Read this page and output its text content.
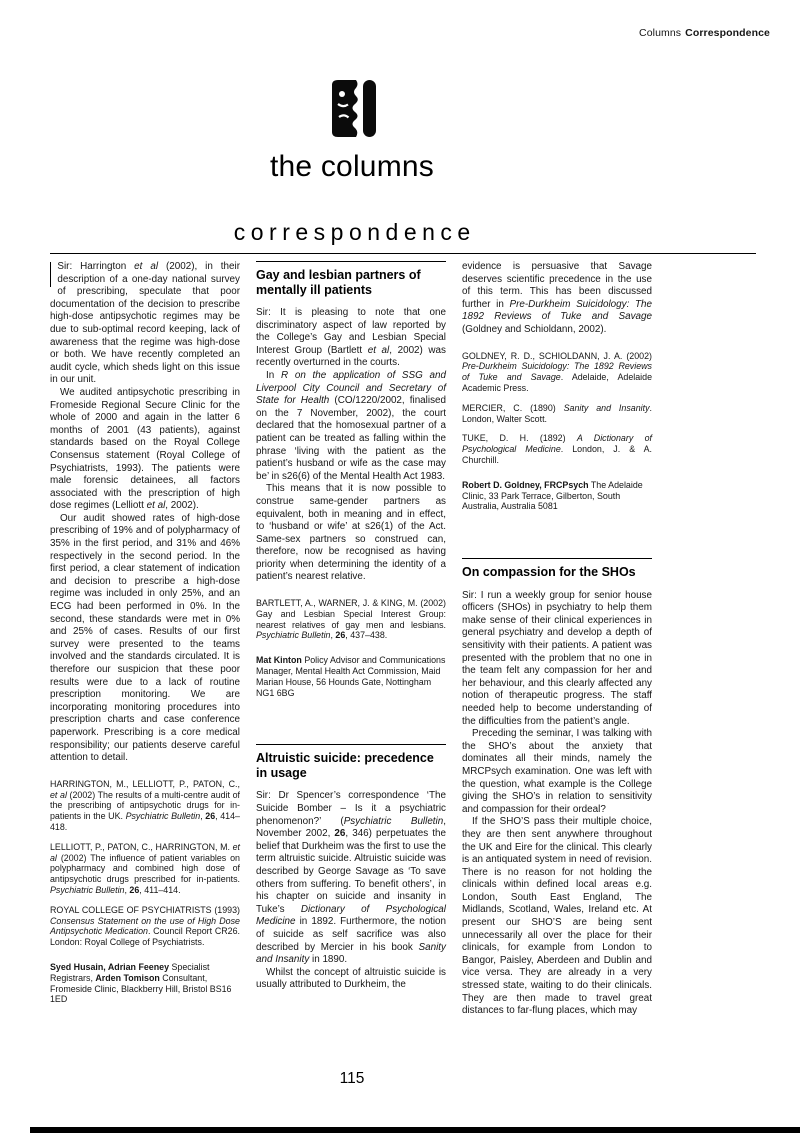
Columns Correspondence
the columns
correspondence
Sir: Harrington et al (2002), in their description of a one-day national survey of prescribing, speculate that poor documentation of the decision to prescribe high-dose antipsychotic regimes may be due to sub-optimal record keeping, lack of awareness that the regime was high-dose or both. We have recently completed an audit cycle, which sheds light on this issue in our unit.
We audited antipsychotic prescribing in Fromeside Regional Secure Clinic for the whole of 2000 and again in the latter 6 months of 2001 (43 patients), against standards based on the Royal College Consensus statement (Royal College of Psychiatrists, 1993). The patients were male forensic detainees, all factors associated with the prescription of high dose regimes (Lelliott et al, 2002).
Our audit showed rates of high-dose prescribing of 19% and of polypharmacy of 35% in the first period, and 31% and 46% respectively in the second period. In the first period, a clear statement of indication and decision to prescribe a high-dose regime was included in only 25%, and an ECG had been performed in 0%. In the second, these standards were met in 0% and 25% of cases. Results of our first survey were presented to the teams involved and the standards circulated. It is therefore our suspicion that these poor results were due to a lack of routine prescription monitoring. We are incorporating monitoring procedures into prescription charts and case conference paperwork. Prescribing is a core medical responsibility; our patients deserve careful attention to detail.
HARRINGTON, M., LELLIOTT, P., PATON, C., et al (2002) The results of a multi-centre audit of the prescribing of antipsychotic drugs for in-patients in the UK. Psychiatric Bulletin, 26, 414–418.
LELLIOTT, P., PATON, C., HARRINGTON, M. et al (2002) The influence of patient variables on polypharmacy and combined high dose of antipsychotic drugs prescribed for in-patients. Psychiatric Bulletin, 26, 411–414.
ROYAL COLLEGE OF PSYCHIATRISTS (1993) Consensus Statement on the use of High Dose Antipsychotic Medication. Council Report CR26. London: Royal College of Psychiatrists.
Syed Husain, Adrian Feeney Specialist Registrars, Arden Tomison Consultant, Fromeside Clinic, Blackberry Hill, Bristol BS16 1ED
Gay and lesbian partners of mentally ill patients
Sir: It is pleasing to note that one discriminatory aspect of law reported by the College’s Gay and Lesbian Special Interest Group (Bartlett et al, 2002) was recently overturned in the courts.
In R on the application of SSG and Liverpool City Council and Secretary of State for Health (CO/1220/2002, finalised on the 7 November, 2002), the court declared that the homosexual partner of a patient can be treated as falling within the phrase ‘living with the patient as the patient’s husband or wife as the case may be’ in s26(6) of the Mental Health Act 1983.
This means that it is now possible to construe same-gender partners as equivalent, both in meaning and in effect, to ‘husband or wife’ at s26(1) of the Act. Same-sex partners so construed can, therefore, now be recognised as having priority when determining the identity of a patient’s nearest relative.
BARTLETT, A., WARNER, J. & KING, M. (2002) Gay and Lesbian Special Interest Group: nearest relatives of gay men and lesbians. Psychiatric Bulletin, 26, 437–438.
Mat Kinton Policy Advisor and Communications Manager, Mental Health Act Commission, Maid Marian House, 56 Hounds Gate, Nottingham NG1 6BG
Altruistic suicide: precedence in usage
Sir: Dr Spencer’s correspondence ‘The Suicide Bomber – Is it a psychiatric phenomenon?’ (Psychiatric Bulletin, November 2002, 26, 346) perpetuates the belief that Durkheim was the first to use the term altruistic suicide. Altruistic suicide was described by George Savage as ‘To save others from suffering. To benefit others’, in his chapter on suicide and insanity in Tuke’s Dictionary of Psychological Medicine in 1892. Furthermore, the notion of suicide as self sacrifice was also described by Mercier in his book Sanity and Insanity in 1890.
Whilst the concept of altruistic suicide is usually attributed to Durkheim, the
evidence is persuasive that Savage deserves scientific precedence in the use of this term. This has been discussed further in Pre-Durkheim Suicidology: The 1892 Reviews of Tuke and Savage (Goldney and Schioldann, 2002).
GOLDNEY, R. D., SCHIOLDANN, J. A. (2002) Pre-Durkheim Suicidology: The 1892 Reviews of Tuke and Savage. Adelaide, Adelaide Academic Press.
MERCIER, C. (1890) Sanity and Insanity. London, Walter Scott.
TUKE, D. H. (1892) A Dictionary of Psychological Medicine. London, J. & A. Churchill.
Robert D. Goldney, FRCPsych The Adelaide Clinic, 33 Park Terrace, Gilberton, South Australia, Australia 5081
On compassion for the SHOs
Sir: I run a weekly group for senior house officers (SHOs) in psychiatry to help them make sense of their clinical experiences in general psychiatry and develop a depth of sensitivity with their patients. A patient was presented with the problem that no one in the team felt any compassion for her and her behaviour, and this clearly affected any notion of therapeutic progress. The staff needed help to become understanding of the difficulties from the patient’s angle.
Preceding the seminar, I was talking with the SHO’s about the anxiety that dominates all their minds, namely the MRCPsych examination. One was left with the question, what example is the College giving the SHO’s in relation to sensitivity and compassion for their ordeal?
If the SHO’S pass their multiple choice, they are then sent anywhere throughout the UK and Eire for the clinical. This clearly is an antiquated system in need of revision. There is no reason for not holding the clinicals within defined local areas e.g. London, South East England, The Midlands, Scotland, Wales, Ireland etc. At present our SHO’S are being sent unnecessarily all over the place for their clinicals, for example from London to Bangor, Paisley, Aberdeen and Dublin and vice versa. They are already in a very stressed state, waiting to do their clinicals. They are then made to travel great distances to far-flung places, which may
115
